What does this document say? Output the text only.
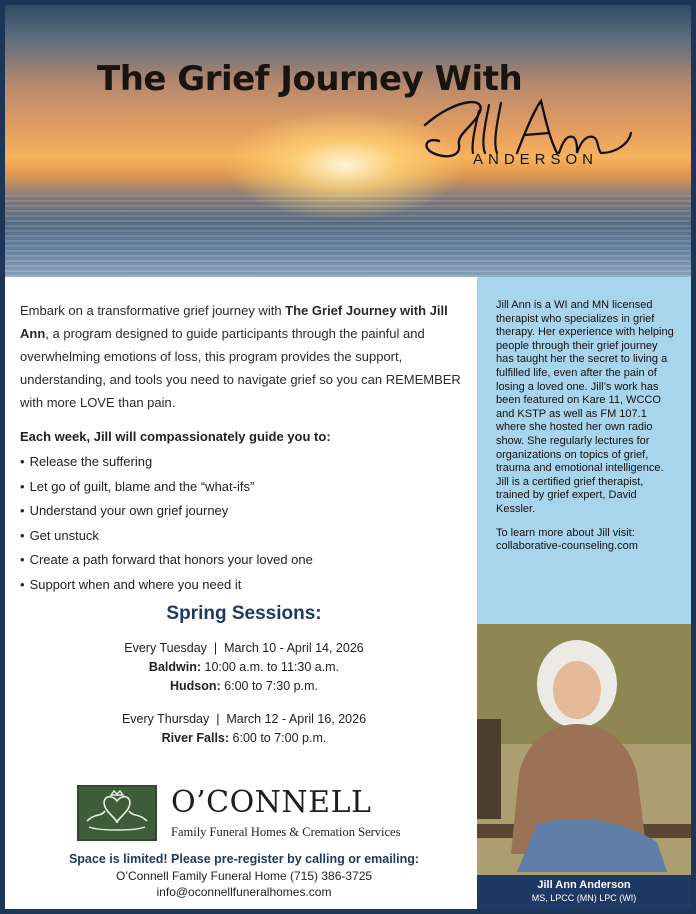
The Grief Journey With
ANDERSON

Embark on a transformative grief journey with The Grief Journey with Jill Ann, a program designed to guide participants through the painful and overwhelming emotions of loss, this program provides the support, understanding, and tools you need to navigate grief so you can REMEMBER with more LOVE than pain.

Each week, Jill will compassionately guide you to:
• Release the suffering
• Let go of guilt, blame and the “what-ifs”
• Understand your own grief journey
• Get unstuck
• Create a path forward that honors your loved one
• Support when and where you need it
Spring Sessions:
Every Tuesday  |  March 10 - April 14, 2026
Baldwin: 10:00 a.m. to 11:30 a.m.
Hudson: 6:00 to 7:30 p.m.
Every Thursday  |  March 12 - April 16, 2026
River Falls: 6:00 to 7:00 p.m.
O’CONNELL
Family Funeral Homes & Cremation Services
Space is limited! Please pre-register by calling or emailing:
O’Connell Family Funeral Home (715) 386-3725
info@oconnellfuneralhomes.com

Jill Ann is a WI and MN licensed therapist who specializes in grief therapy. Her experience with helping people through their grief journey has taught her the secret to living a fulfilled life, even after the pain of losing a loved one. Jill’s work has been featured on Kare 11, WCCO and KSTP as well as FM 107.1 where she hosted her own radio show. She regularly lectures for organizations on topics of grief, trauma and emotional intelligence. Jill is a certified grief therapist, trained by grief expert, David Kessler.

To learn more about Jill visit: collaborative-counseling.com

Jill Ann Anderson
MS, LPCC (MN) LPC (WI)
